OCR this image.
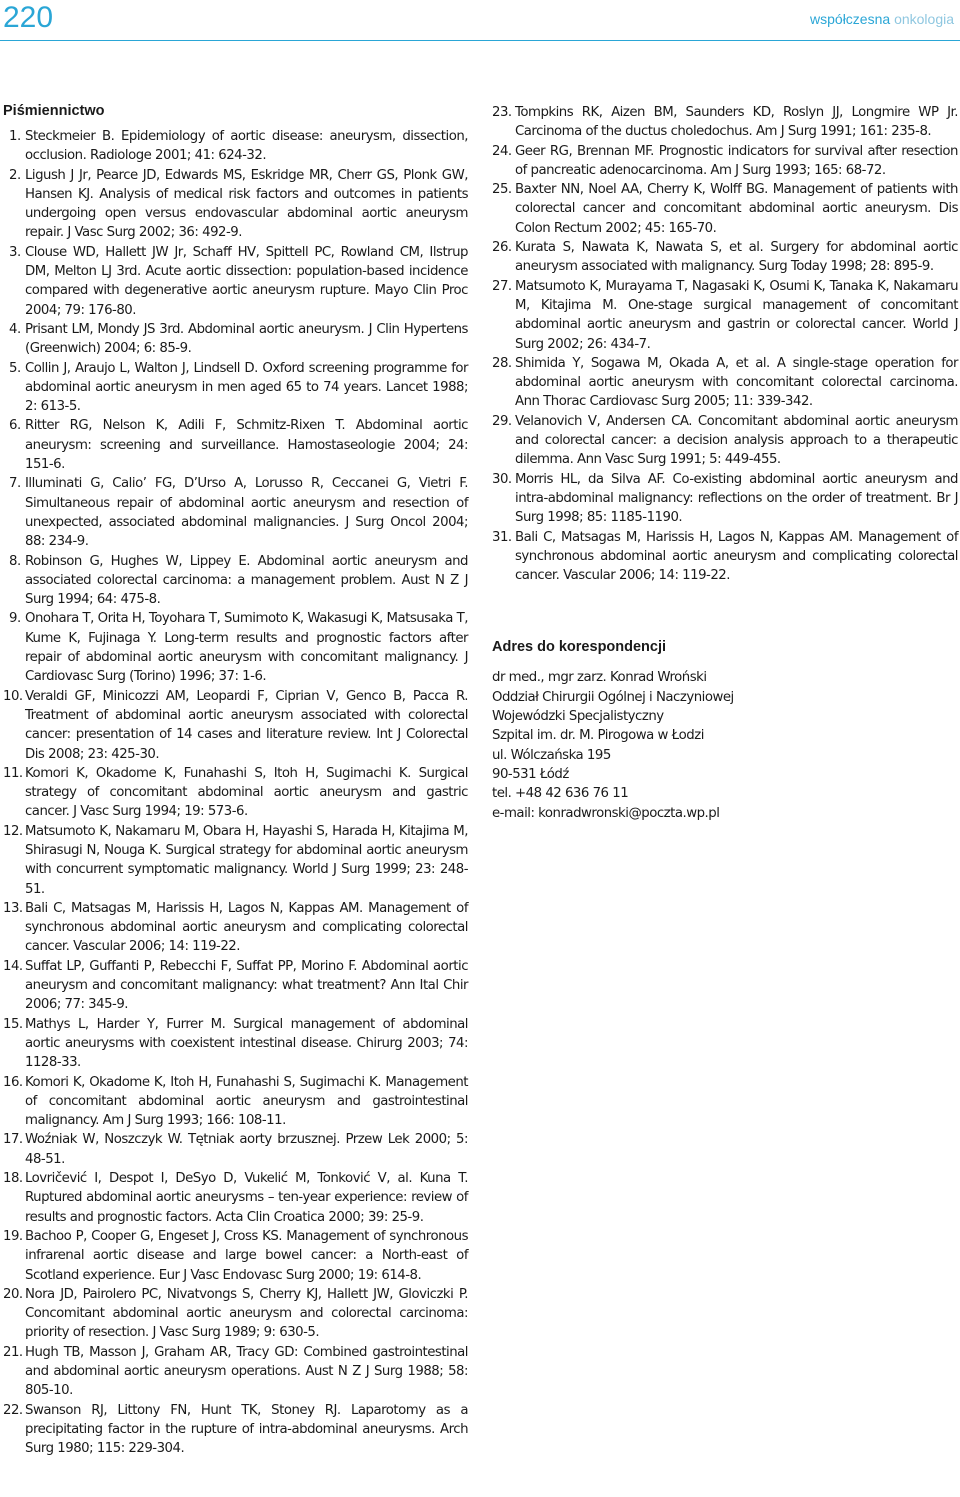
220	współczesna onkologia
Piśmiennictwo
1. Steckmeier B. Epidemiology of aortic disease: aneurysm, dissection, occlusion. Radiologe 2001; 41: 624-32.
2. Ligush J Jr, Pearce JD, Edwards MS, Eskridge MR, Cherr GS, Plonk GW, Hansen KJ. Analysis of medical risk factors and outcomes in patients undergoing open versus endovascular abdominal aortic aneurysm repair. J Vasc Surg 2002; 36: 492-9.
3. Clouse WD, Hallett JW Jr, Schaff HV, Spittell PC, Rowland CM, Ilstrup DM, Melton LJ 3rd. Acute aortic dissection: population-based incidence compared with degenerative aortic aneurysm rupture. Mayo Clin Proc 2004; 79: 176-80.
4. Prisant LM, Mondy JS 3rd. Abdominal aortic aneurysm. J Clin Hypertens (Greenwich) 2004; 6: 85-9.
5. Collin J, Araujo L, Walton J, Lindsell D. Oxford screening programme for abdominal aortic aneurysm in men aged 65 to 74 years. Lancet 1988; 2: 613-5.
6. Ritter RG, Nelson K, Adili F, Schmitz-Rixen T. Abdominal aortic aneurysm: screening and surveillance. Hamostaseologie 2004; 24: 151-6.
7. Illuminati G, Calio’ FG, D’Urso A, Lorusso R, Ceccanei G, Vietri F. Simultaneous repair of abdominal aortic aneurysm and resection of unexpected, associated abdominal malignancies. J Surg Oncol 2004; 88: 234-9.
8. Robinson G, Hughes W, Lippey E. Abdominal aortic aneurysm and associated colorectal carcinoma: a management problem. Aust N Z J Surg 1994; 64: 475-8.
9. Onohara T, Orita H, Toyohara T, Sumimoto K, Wakasugi K, Matsusaka T, Kume K, Fujinaga Y. Long-term results and prognostic factors after repair of abdominal aortic aneurysm with concomitant malignancy. J Cardiovasc Surg (Torino) 1996; 37: 1-6.
10. Veraldi GF, Minicozzi AM, Leopardi F, Ciprian V, Genco B, Pacca R. Treatment of abdominal aortic aneurysm associated with colorectal cancer: presentation of 14 cases and literature review. Int J Colorectal Dis 2008; 23: 425-30.
11. Komori K, Okadome K, Funahashi S, Itoh H, Sugimachi K. Surgical strategy of concomitant abdominal aortic aneurysm and gastric cancer. J Vasc Surg 1994; 19: 573-6.
12. Matsumoto K, Nakamaru M, Obara H, Hayashi S, Harada H, Kitajima M, Shirasugi N, Nouga K. Surgical strategy for abdominal aortic aneurysm with concurrent symptomatic malignancy. World J Surg 1999; 23: 248-51.
13. Bali C, Matsagas M, Harissis H, Lagos N, Kappas AM. Management of synchronous abdominal aortic aneurysm and complicating colorectal cancer. Vascular 2006; 14: 119-22.
14. Suffat LP, Guffanti P, Rebecchi F, Suffat PP, Morino F. Abdominal aortic aneurysm and concomitant malignancy: what treatment? Ann Ital Chir 2006; 77: 345-9.
15. Mathys L, Harder Y, Furrer M. Surgical management of abdominal aortic aneurysms with coexistent intestinal disease. Chirurg 2003; 74: 1128-33.
16. Komori K, Okadome K, Itoh H, Funahashi S, Sugimachi K. Management of concomitant abdominal aortic aneurysm and gastrointestinal malignancy. Am J Surg 1993; 166: 108-11.
17. Woźniak W, Noszczyk W. Tętniak aorty brzusznej. Przew Lek 2000; 5: 48-51.
18. Lovričević I, Despot I, DeSyo D, Vukelić M, Tonković V, al. Kuna T. Ruptured abdominal aortic aneurysms – ten-year experience: review of results and prognostic factors. Acta Clin Croatica 2000; 39: 25-9.
19. Bachoo P, Cooper G, Engeset J, Cross KS. Management of synchronous infrarenal aortic disease and large bowel cancer: a North-east of Scotland experience. Eur J Vasc Endovasc Surg 2000; 19: 614-8.
20. Nora JD, Pairolero PC, Nivatvongs S, Cherry KJ, Hallett JW, Gloviczki P. Concomitant abdominal aortic aneurysm and colorectal carcinoma: priority of resection. J Vasc Surg 1989; 9: 630-5.
21. Hugh TB, Masson J, Graham AR, Tracy GD: Combined gastrointestinal and abdominal aortic aneurysm operations. Aust N Z J Surg 1988; 58: 805-10.
22. Swanson RJ, Littony FN, Hunt TK, Stoney RJ. Laparotomy as a precipitating factor in the rupture of intra-abdominal aneurysms. Arch Surg 1980; 115: 229-304.
23. Tompkins RK, Aizen BM, Saunders KD, Roslyn JJ, Longmire WP Jr. Carcinoma of the ductus choledochus. Am J Surg 1991; 161: 235-8.
24. Geer RG, Brennan MF. Prognostic indicators for survival after resection of pancreatic adenocarcinoma. Am J Surg 1993; 165: 68-72.
25. Baxter NN, Noel AA, Cherry K, Wolff BG. Management of patients with colorectal cancer and concomitant abdominal aortic aneurysm. Dis Colon Rectum 2002; 45: 165-70.
26. Kurata S, Nawata K, Nawata S, et al. Surgery for abdominal aortic aneurysm associated with malignancy. Surg Today 1998; 28: 895-9.
27. Matsumoto K, Murayama T, Nagasaki K, Osumi K, Tanaka K, Nakamaru M, Kitajima M. One-stage surgical management of concomitant abdominal aortic aneurysm and gastrin or colorectal cancer. World J Surg 2002; 26: 434-7.
28. Shimida Y, Sogawa M, Okada A, et al. A single-stage operation for abdominal aortic aneurysm with concomitant colorectal carcinoma. Ann Thorac Cardiovasc Surg 2005; 11: 339-342.
29. Velanovich V, Andersen CA. Concomitant abdominal aortic aneurysm and colorectal cancer: a decision analysis approach to a therapeutic dilemma. Ann Vasc Surg 1991; 5: 449-455.
30. Morris HL, da Silva AF. Co-existing abdominal aortic aneurysm and intra-abdominal malignancy: reflections on the order of treatment. Br J Surg 1998; 85: 1185-1190.
31. Bali C, Matsagas M, Harissis H, Lagos N, Kappas AM. Management of synchronous abdominal aortic aneurysm and complicating colorectal cancer. Vascular 2006; 14: 119-22.
Adres do korespondencji
dr med., mgr zarz. Konrad Wroński
Oddział Chirurgii Ogólnej i Naczyniowej
Wojewódzki Specjalistyczny
Szpital im. dr. M. Pirogowa w Łodzi
ul. Wólczańska 195
90-531 Łódź
tel. +48 42 636 76 11
e-mail: konradwronski@poczta.wp.pl
